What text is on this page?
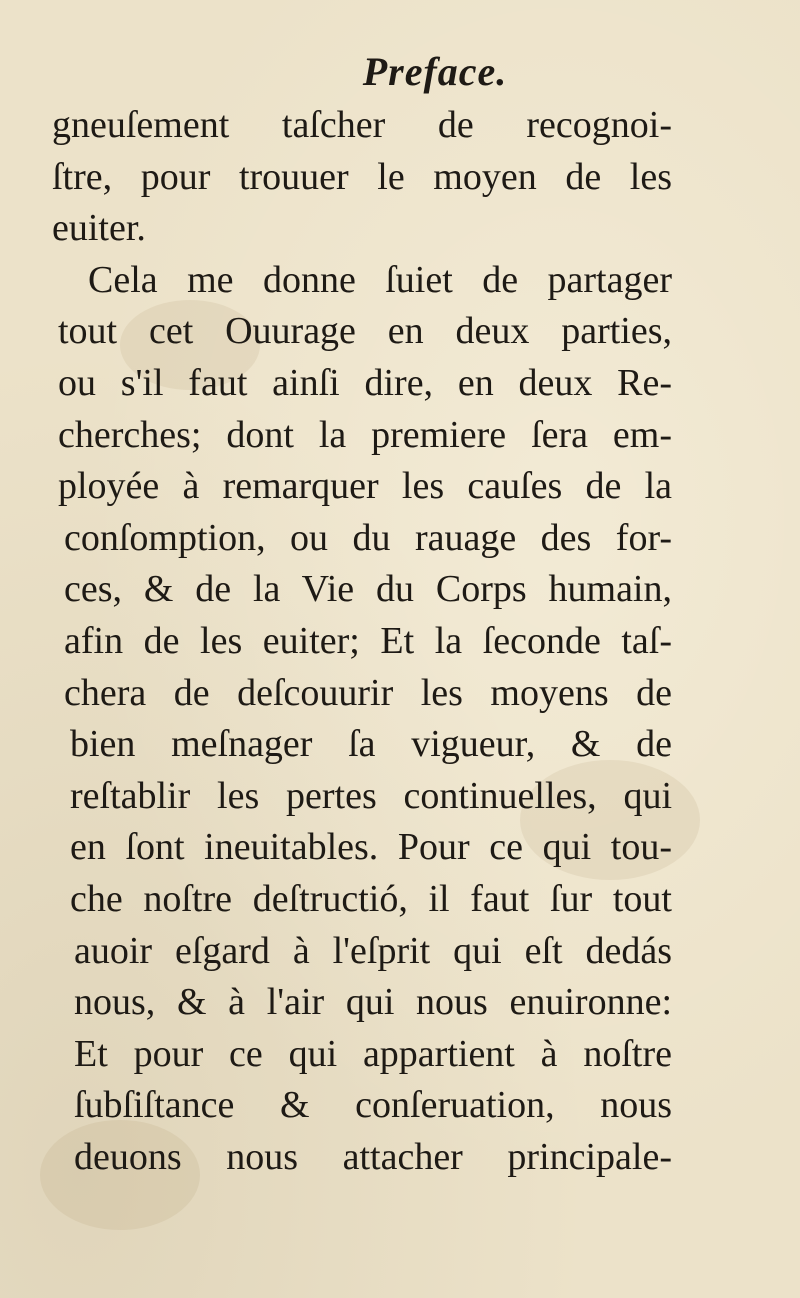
Preface.
gneuſement taſcher de recognoi-
ſtre, pour trouuer le moyen de les
euiter.
Cela me donne ſuiet de partager
tout cet Ouurage en deux parties,
ou s'il faut ainſi dire, en deux Re-
cherches; dont la premiere ſera em-
ployée à remarquer les cauſes de la
conſomption, ou du rauage des for-
ces, & de la Vie du Corps humain,
afin de les euiter; Et la ſeconde taſ-
chera de deſcouurir les moyens de
bien meſnager ſa vigueur, & de
reſtablir les pertes continuelles, qui
en ſont ineuitables. Pour ce qui tou-
che noſtre deſtructió, il faut ſur tout
auoir eſgard à l'eſprit qui eſt dedás
nous, & à l'air qui nous enuironne:
Et pour ce qui appartient à noſtre
ſubſiſtance & conſeruation, nous
deuons nous attacher principale-
